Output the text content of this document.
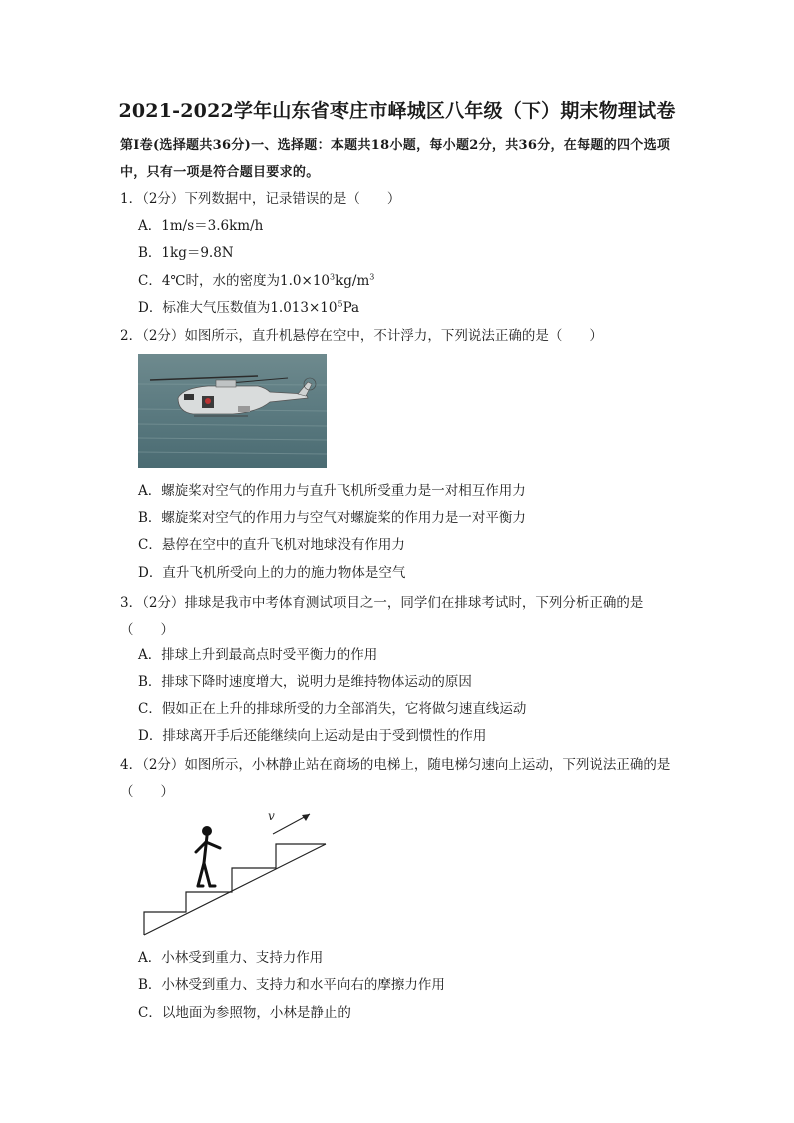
2021-2022学年山东省枣庄市峄城区八年级（下）期末物理试卷
第Ⅰ卷(选择题共36分)一、选择题：本题共18小题，每小题2分，共36分，在每题的四个选项中，只有一项是符合题目要求的。
1．（2分）下列数据中，记录错误的是（　　）
A．1m/s＝3.6km/h
B．1kg＝9.8N
C．4℃时，水的密度为$1.0\times 10^3kg/m^3$
D．标准大气压数值为$1.013\times 10^5Pa$
2．（2分）如图所示，直升机悬停在空中，不计浮力，下列说法正确的是（　　）
A．螺旋桨对空气的作用力与直升飞机所受重力是一对相互作用力
B．螺旋桨对空气的作用力与空气对螺旋桨的作用力是一对平衡力
C．悬停在空中的直升飞机对地球没有作用力
D．直升飞机所受向上的力的施力物体是空气
3．（2分）排球是我市中考体育测试项目之一，同学们在排球考试时，下列分析正确的是（　　）
A．排球上升到最高点时受平衡力的作用
B．排球下降时速度增大，说明力是维持物体运动的原因
C．假如正在上升的排球所受的力全部消失，它将做匀速直线运动
D．排球离开手后还能继续向上运动是由于受到惯性的作用
4．（2分）如图所示，小林静止站在商场的电梯上，随电梯匀速向上运动，下列说法正确的是（　　）
v
A．小林受到重力、支持力作用
B．小林受到重力、支持力和水平向右的摩擦力作用
C．以地面为参照物，小林是静止的
